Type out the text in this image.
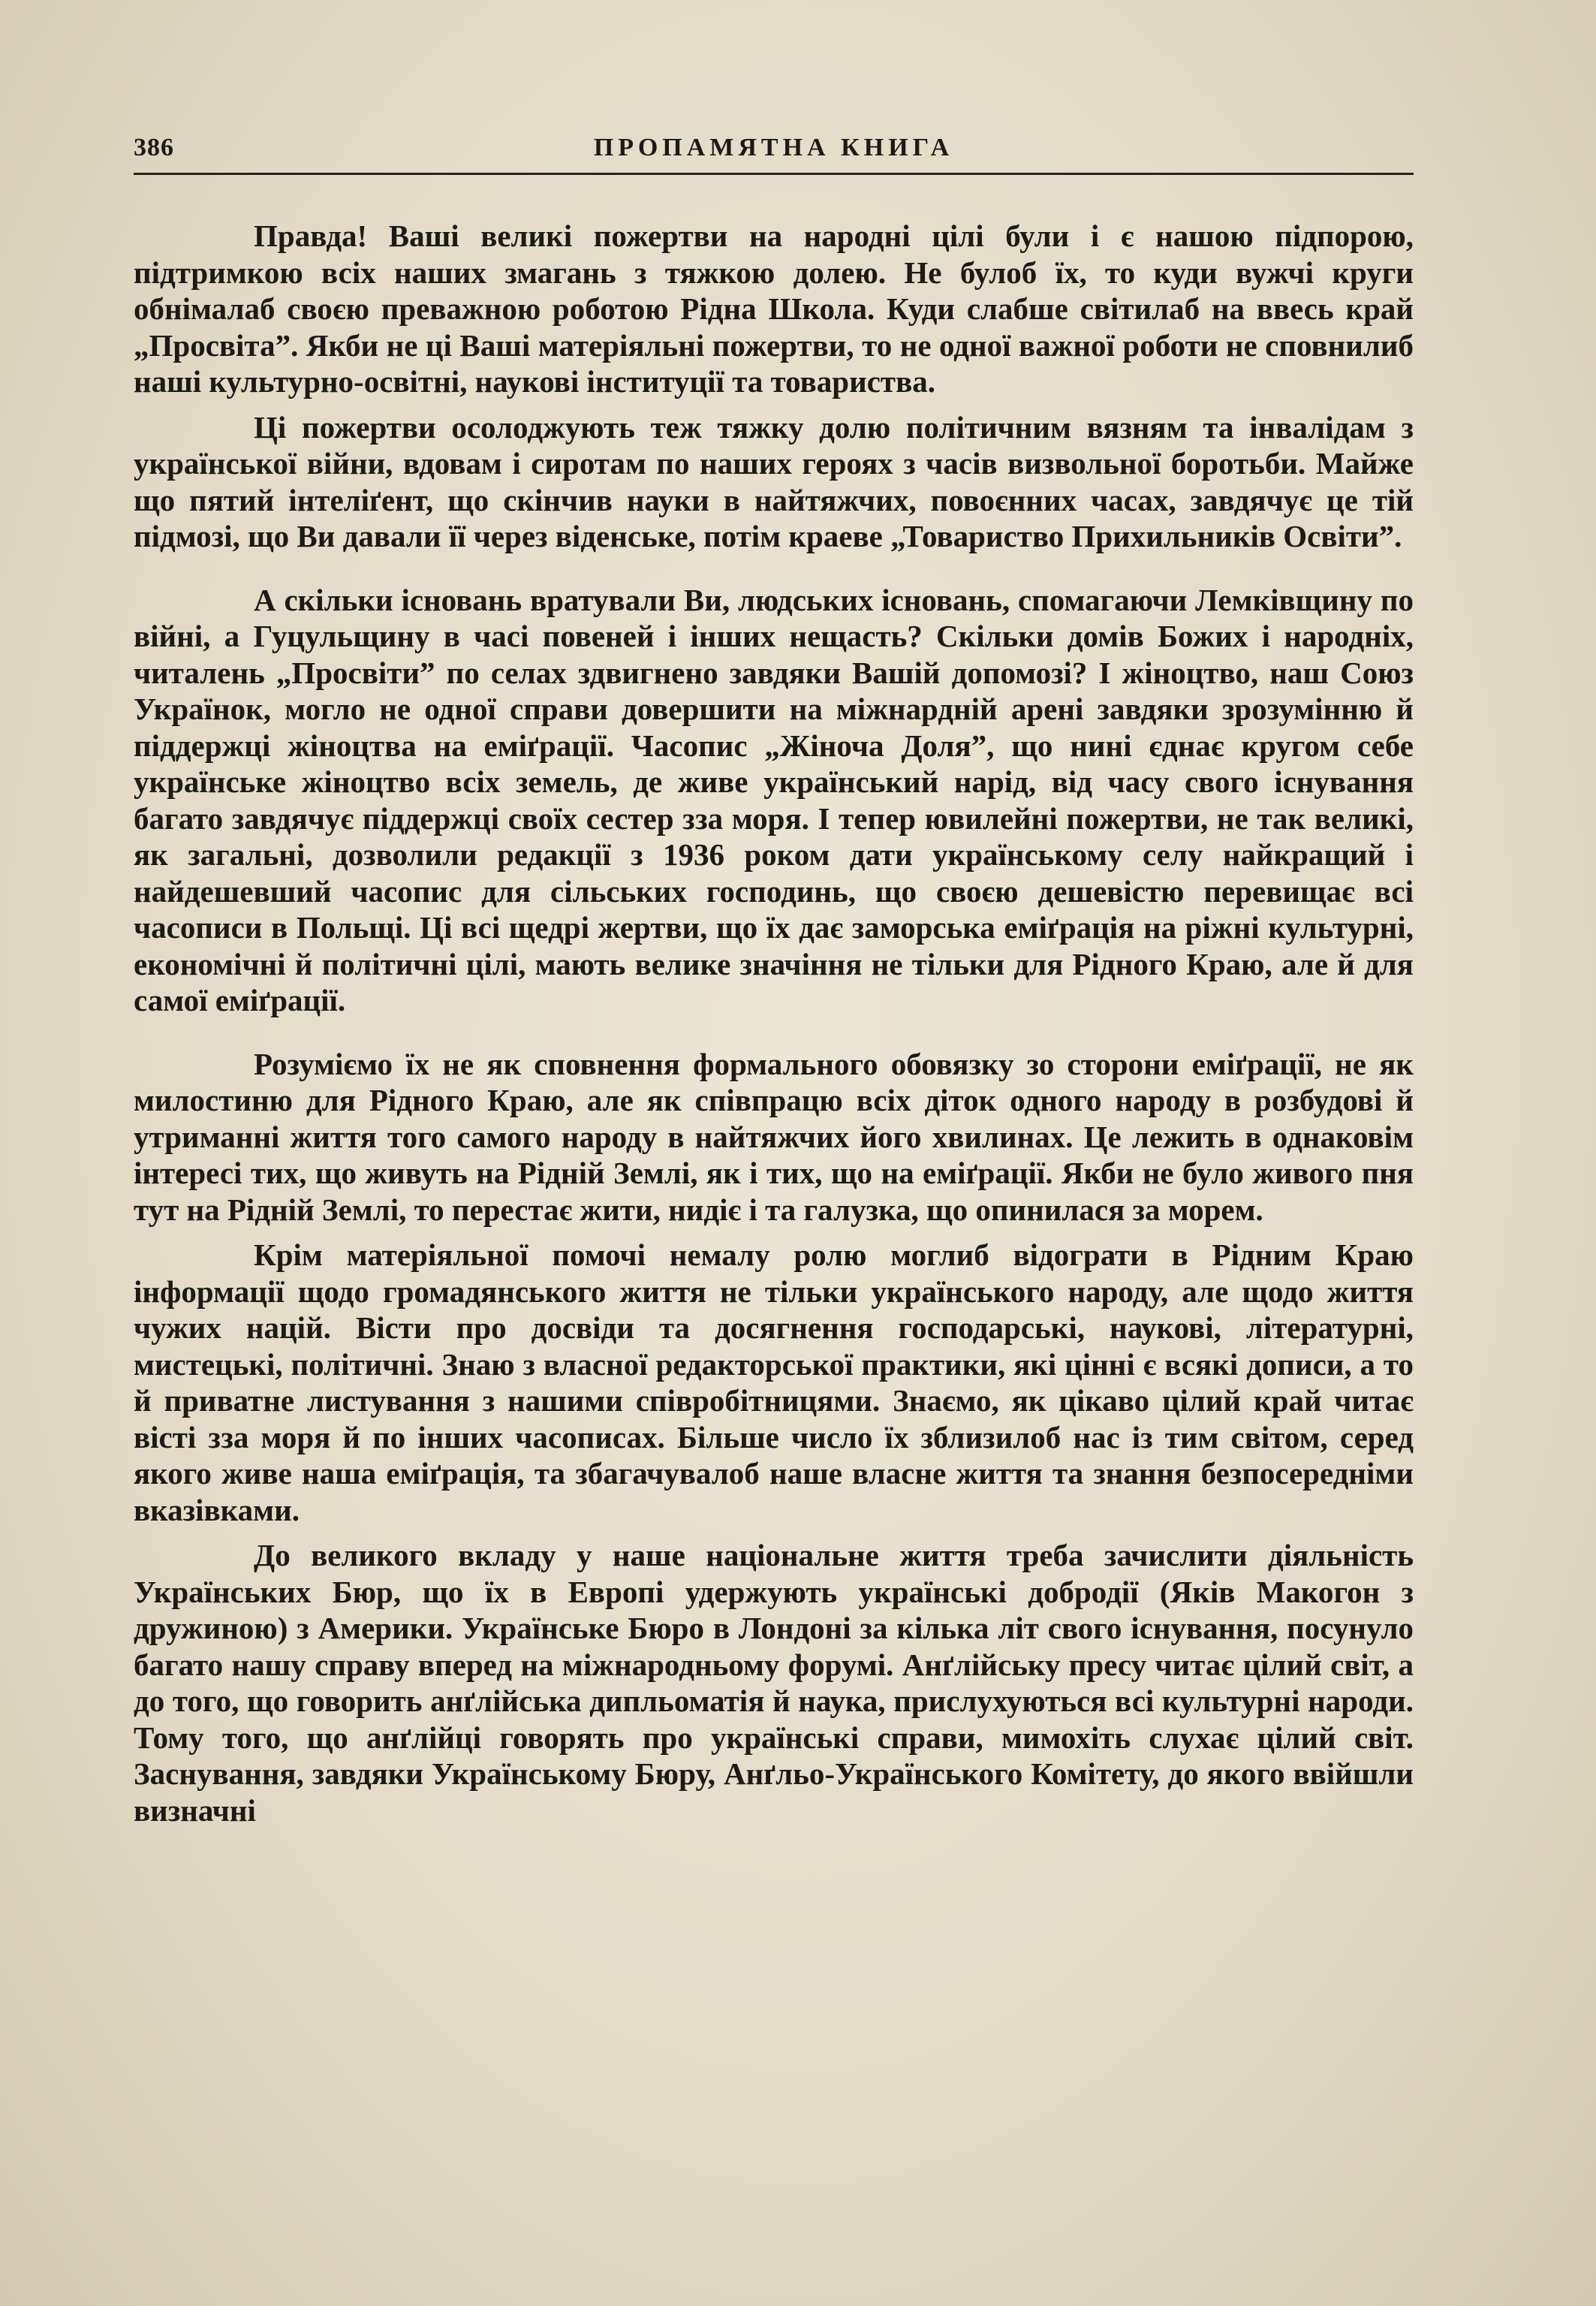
386	ПРОПАМЯТНА КНИГА

Правда! Ваші великі пожертви на народні цілі були і є нашою підпорою, підтримкою всіх наших змагань з тяжкою долею. Не булоб їх, то куди вужчі круги обнімалаб своєю преважною роботою Рідна Школа. Куди слабше світилаб на ввесь край „Просвіта”. Якби не ці Ваші матеріяльні пожертви, то не одної важної роботи не сповнилиб наші культурно-освітні, наукові інституції та товариства.

Ці пожертви осолоджують теж тяжку долю політичним вязням та інвалідам з української війни, вдовам і сиротам по наших героях з часів визвольної боротьби. Майже що пятий інтеліґент, що скінчив науки в найтяжчих, повоєнних часах, завдячує це тій підмозі, що Ви давали її через віденське, потім краеве „Товариство Прихильників Освіти”.

А скільки існовань вратували Ви, людських існовань, спомагаючи Лемківщину по війні, а Гуцульщину в часі повеней і інших нещасть? Скільки домів Божих і народніх, читалень „Просвіти” по селах здвигнено завдяки Вашій допомозі? І жіноцтво, наш Союз Українок, могло не одної справи довершити на міжнардній арені завдяки зрозумінню й піддержці жіноцтва на еміґрації. Часопис „Жіноча Доля”, що нині єднає кругом себе українське жіноцтво всіх земель, де живе український нарід, від часу свого існування багато завдячує піддержці своїх сестер зза моря. І тепер ювилейні пожертви, не так великі, як загальні, дозволили редакції з 1936 роком дати українському селу найкращий і найдешевший часопис для сільських господинь, що своєю дешевістю перевищає всі часописи в Польщі. Ці всі щедрі жертви, що їх дає заморська еміґрація на ріжні культурні, економічні й політичні цілі, мають велике значіння не тільки для Рідного Краю, але й для самої еміґрації.

Розуміємо їх не як сповнення формального обовязку зо сторони еміґрації, не як милостиню для Рідного Краю, але як співпрацю всіх діток одного народу в розбудові й утриманні життя того самого народу в найтяжчих його хвилинах. Це лежить в однаковім інтересі тих, що живуть на Рідній Землі, як і тих, що на еміґрації. Якби не було живого пня тут на Рідній Землі, то перестає жити, нидіє і та галузка, що опинилася за морем.

Крім матеріяльної помочі немалу ролю моглиб відограти в Рідним Краю інформації щодо громадянського життя не тільки українського народу, але щодо життя чужих націй. Вісти про досвіди та досягнення господарські, наукові, літературні, мистецькі, політичні. Знаю з власної редакторської практики, які цінні є всякі дописи, а то й приватне листування з нашими співробітницями. Знаємо, як цікаво цілий край читає вісті зза моря й по інших часописах. Більше число їх зблизилоб нас із тим світом, серед якого живе наша еміґрація, та збагачувалоб наше власне життя та знання безпосередніми вказівками.

До великого вкладу у наше національне життя треба зачислити діяльність Українських Бюр, що їх в Европі удержують українські добродії (Яків Макогон з дружиною) з Америки. Українське Бюро в Лондоні за кілька літ свого існування, посунуло багато нашу справу вперед на міжнародньому форумі. Анґлійську пресу читає цілий світ, а до того, що говорить анґлійська дипльоматія й наука, прислухуються всі культурні народи. Тому того, що анґлійці говорять про українські справи, мимохіть слухає цілий світ. Заснування, завдяки Українському Бюру, Анґльо-Українського Комітету, до якого ввійшли визначні
